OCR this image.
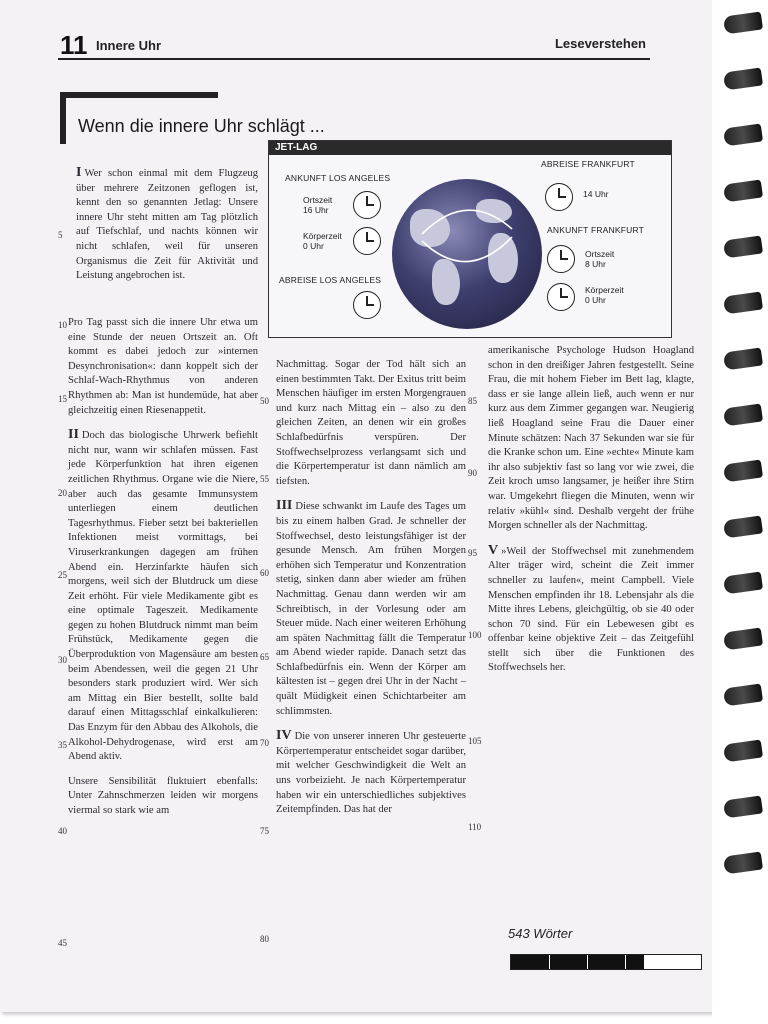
11 Innere Uhr	Leseverstehen
Wenn die innere Uhr schlägt ...
JET-LAG
ANKUNFT LOS ANGELES
ABREISE FRANKFURT
Ortszeit
16 Uhr
Körperzeit
0 Uhr
ABREISE LOS ANGELES
14 Uhr
ANKUNFT FRANKFURT
Ortszeit
8 Uhr
Körperzeit
0 Uhr

I Wer schon einmal mit dem Flugzeug über mehrere Zeitzonen geflogen ist, kennt den so genannten Jetlag: Unsere innere Uhr steht mitten am Tag plötzlich auf Tiefschlaf, und nachts können wir nicht schlafen, weil für unseren Organismus die Zeit für Aktivität und Leistung angebrochen ist.

Pro Tag passt sich die innere Uhr etwa um eine Stunde der neuen Ortszeit an. Oft kommt es dabei jedoch zur »internen Desynchronisation«: dann koppelt sich der Schlaf-Wach-Rhythmus von anderen Rhythmen ab: Man ist hundemüde, hat aber gleichzeitig einen Riesenappetit.

II Doch das biologische Uhrwerk befiehlt nicht nur, wann wir schlafen müssen. Fast jede Körperfunktion hat ihren eigenen zeitlichen Rhythmus. Organe wie die Niere, aber auch das gesamte Immunsystem unterliegen einem deutlichen Tagesrhythmus. Fieber setzt bei bakteriellen Infektionen meist vormittags, bei Viruserkrankungen dagegen am frühen Abend ein. Herzinfarkte häufen sich morgens, weil sich der Blutdruck um diese Zeit erhöht. Für viele Medikamente gibt es eine optimale Tageszeit. Medikamente gegen zu hohen Blutdruck nimmt man beim Frühstück, Medikamente gegen die Überproduktion von Magensäure am besten beim Abendessen, weil die gegen 21 Uhr besonders stark produziert wird. Wer sich am Mittag ein Bier bestellt, sollte bald darauf einen Mittagsschlaf einkalkulieren: Das Enzym für den Abbau des Alkohols, die Alkohol-Dehydrogenase, wird erst am Abend aktiv.

Unsere Sensibilität fluktuiert ebenfalls: Unter Zahnschmerzen leiden wir morgens viermal so stark wie am

Nachmittag. Sogar der Tod hält sich an einen bestimmten Takt. Der Exitus tritt beim Menschen häufiger im ersten Morgengrauen und kurz nach Mittag ein – also zu den gleichen Zeiten, an denen wir ein großes Schlafbedürfnis verspüren. Der Stoffwechselprozess verlangsamt sich und die Körpertemperatur ist dann nämlich am tiefsten.

III Diese schwankt im Laufe des Tages um bis zu einem halben Grad. Je schneller der Stoffwechsel, desto leistungsfähiger ist der gesunde Mensch. Am frühen Morgen erhöhen sich Temperatur und Konzentration stetig, sinken dann aber wieder am frühen Nachmittag. Genau dann werden wir am Schreibtisch, in der Vorlesung oder am Steuer müde. Nach einer weiteren Erhöhung am späten Nachmittag fällt die Temperatur am Abend wieder rapide. Danach setzt das Schlafbedürfnis ein. Wenn der Körper am kältesten ist – gegen drei Uhr in der Nacht – quält Müdigkeit einen Schichtarbeiter am schlimmsten.

IV Die von unserer inneren Uhr gesteuerte Körpertemperatur entscheidet sogar darüber, mit welcher Geschwindigkeit die Welt an uns vorbeizieht. Je nach Körpertemperatur haben wir ein unterschiedliches subjektives Zeitempfinden. Das hat der

amerikanische Psychologe Hudson Hoagland schon in den dreißiger Jahren festgestellt. Seine Frau, die mit hohem Fieber im Bett lag, klagte, dass er sie lange allein ließ, auch wenn er nur kurz aus dem Zimmer gegangen war. Neugierig ließ Hoagland seine Frau die Dauer einer Minute schätzen: Nach 37 Sekunden war sie für die Kranke schon um. Eine »echte« Minute kam ihr also subjektiv fast so lang vor wie zwei, die Zeit kroch umso langsamer, je heißer ihre Stirn war. Umgekehrt fliegen die Minuten, wenn wir relativ »kühl« sind. Deshalb vergeht der frühe Morgen schneller als der Nachmittag.

V »Weil der Stoffwechsel mit zunehmendem Alter träger wird, scheint die Zeit immer schneller zu laufen«, meint Campbell. Viele Menschen empfinden ihr 18. Lebensjahr als die Mitte ihres Lebens, gleichgültig, ob sie 40 oder schon 70 sind. Für ein Lebewesen gibt es offenbar keine objektive Zeit – das Zeitgefühl stellt sich über die Funktionen des Stoffwechsels her.

5
10
15
20
25
30
35
40
45
50
55
60
65
70
75
80
85
90
95
100
105
110
543 Wörter
